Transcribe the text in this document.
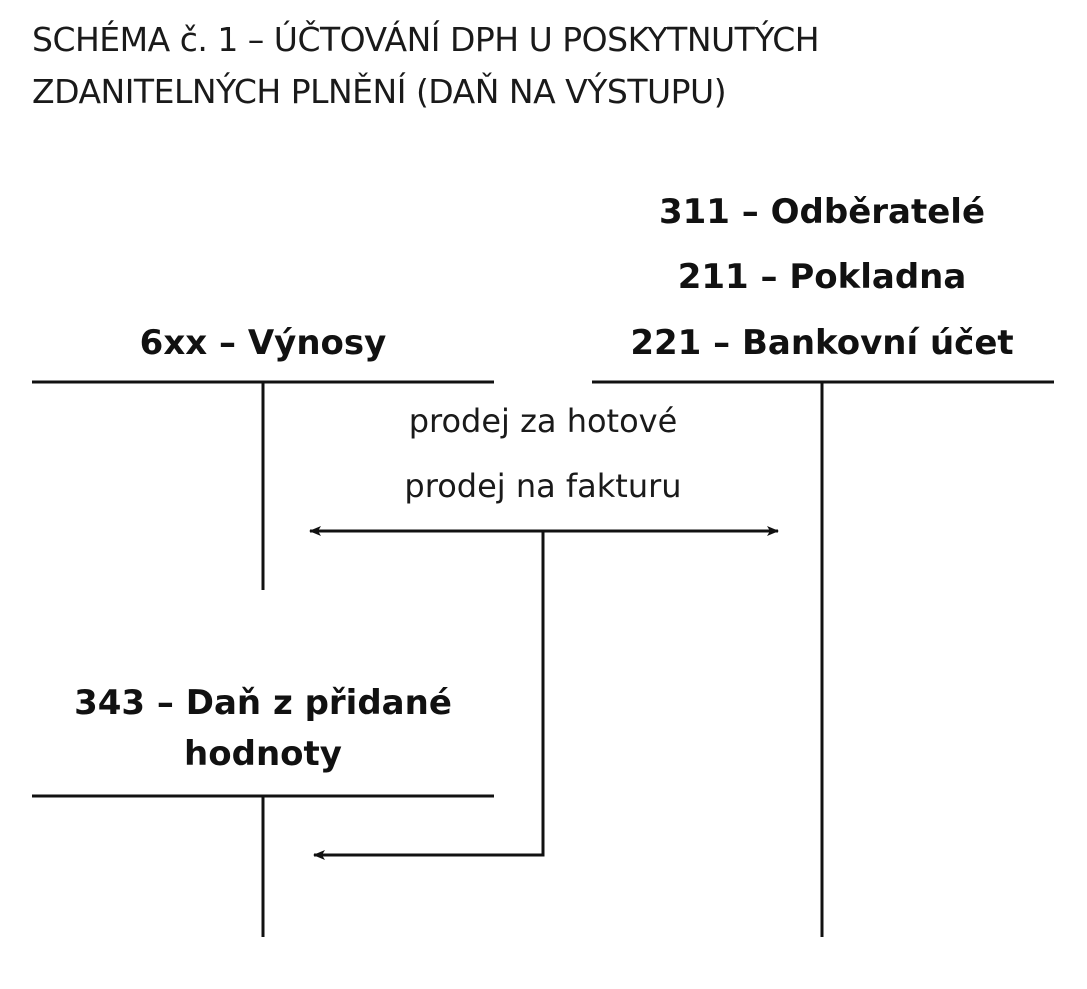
SCHÉMA č. 1 – ÚČTOVÁNÍ DPH U POSKYTNUTÝCH
ZDANITELNÝCH PLNĚNÍ (DAŇ NA VÝSTUPU)
311 – Odběratelé
211 – Pokladna
221 – Bankovní účet
6xx – Výnosy
343 – Daň z přidané
hodnoty
prodej za hotové
prodej na fakturu
